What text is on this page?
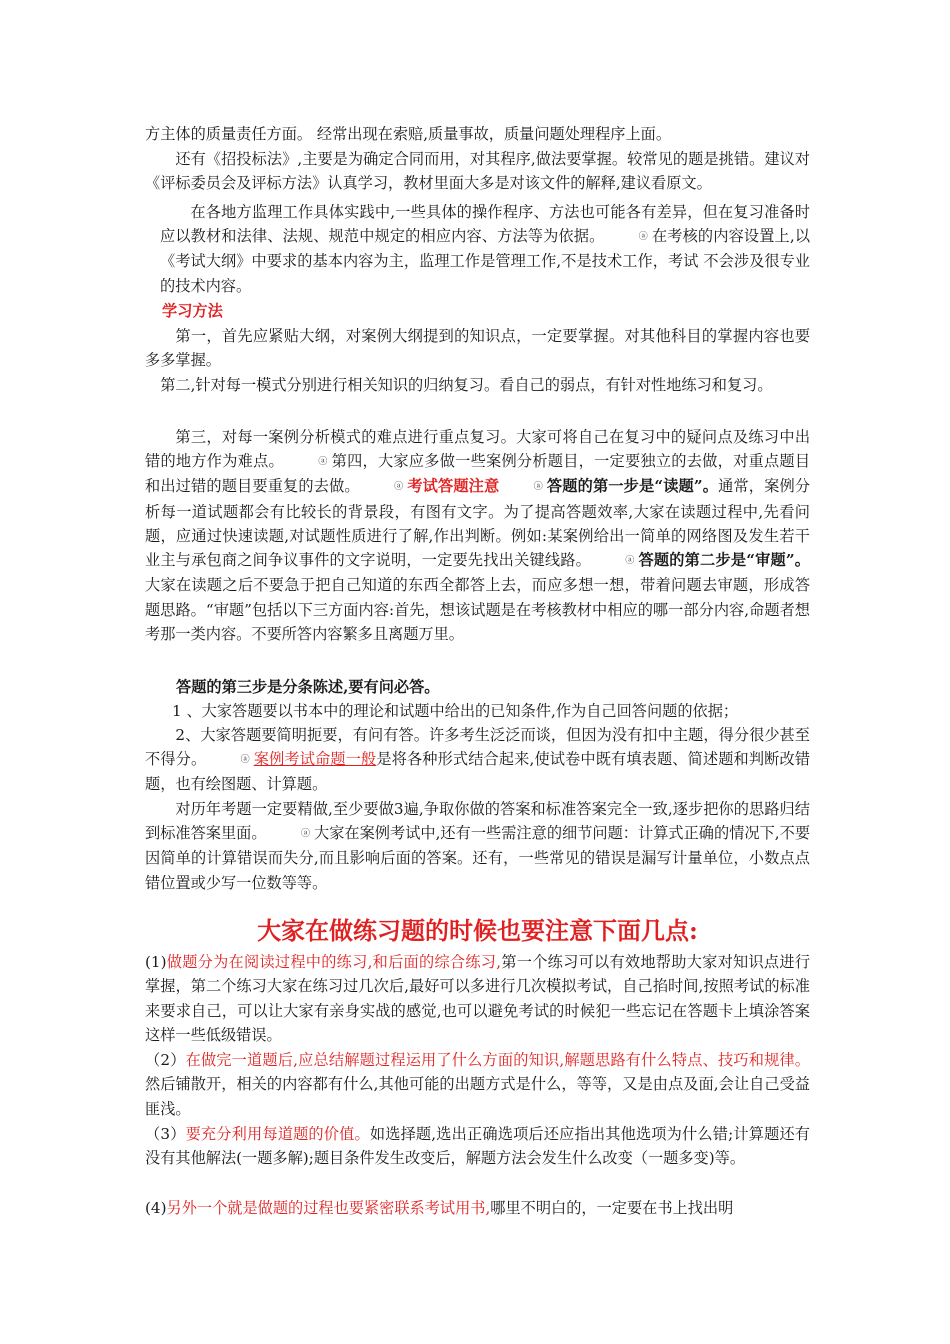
方主体的质量责任方面。 经常出现在索赔,质量事故，质量问题处理程序上面。

还有《招投标法》,主要是为确定合同而用，对其程序,做法要掌握。较常见的题是挑错。建议对《评标委员会及评标方法》认真学习，教材里面大多是对该文件的解释,建议看原文。

在各地方监理工作具体实践中,一些具体的操作程序、方法也可能各有差异，但在复习准备时应以教材和法律、法规、规范中规定的相应内容、方法等为依据。	ⓐ 在考核的内容设置上,以《考试大纲》中要求的基本内容为主，监理工作是管理工作,不是技术工作，考试 不会涉及很专业的技术内容。

学习方法

第一，首先应紧贴大纲，对案例大纲提到的知识点，一定要掌握。对其他科目的掌握内容也要多多掌握。

第二,针对每一模式分别进行相关知识的归纳复习。看自己的弱点，有针对性地练习和复习。

第三，对每一案例分析模式的难点进行重点复习。大家可将自己在复习中的疑问点及练习中出错的地方作为难点。	ⓐ 第四，大家应多做一些案例分析题目，一定要独立的去做，对重点题目和出过错的题目要重复的去做。	ⓐ 考试答题注意	ⓐ 答题的第一步是“读题”。通常，案例分析每一道试题都会有比较长的背景段，有图有文字。为了提高答题效率,大家在读题过程中,先看问题，应通过快速读题,对试题性质进行了解,作出判断。例如:某案例给出一简单的网络图及发生若干业主与承包商之间争议事件的文字说明，一定要先找出关键线路。	ⓐ 答题的第二步是“审题”。大家在读题之后不要急于把自己知道的东西全都答上去，而应多想一想，带着问题去审题，形成答题思路。“审题”包括以下三方面内容:首先，想该试题是在考核教材中相应的哪一部分内容,命题者想考那一类内容。不要所答内容繁多且离题万里。

答题的第三步是分条陈述,要有问必答。

1 、大家答题要以书本中的理论和试题中给出的已知条件,作为自己回答问题的依据；

2、大家答题要简明扼要，有问有答。许多考生泛泛而谈，但因为没有扣中主题，得分很少甚至不得分。	ⓐ 案例考试命题一般是将各种形式结合起来,使试卷中既有填表题、简述题和判断改错题，也有绘图题、计算题。

对历年考题一定要精做,至少要做3遍,争取你做的答案和标准答案完全一致,逐步把你的思路归结到标准答案里面。	ⓐ 大家在案例考试中,还有一些需注意的细节问题：计算式正确的情况下,不要因简单的计算错误而失分,而且影响后面的答案。还有，一些常见的错误是漏写计量单位，小数点点错位置或少写一位数等等。

大家在做练习题的时候也要注意下面几点:

(1)做题分为在阅读过程中的练习,和后面的综合练习,第一个练习可以有效地帮助大家对知识点进行掌握，第二个练习大家在练习过几次后,最好可以多进行几次模拟考试，自己掐时间,按照考试的标准来要求自己，可以让大家有亲身实战的感觉,也可以避免考试的时候犯一些忘记在答题卡上填涂答案这样一些低级错误。

（2）在做完一道题后,应总结解题过程运用了什么方面的知识,解题思路有什么特点、技巧和规律。然后铺散开，相关的内容都有什么,其他可能的出题方式是什么，等等，又是由点及面,会让自己受益匪浅。

（3）要充分利用每道题的价值。如选择题,选出正确选项后还应指出其他选项为什么错;计算题还有没有其他解法(一题多解);题目条件发生改变后，解题方法会发生什么改变（一题多变)等。

(4)另外一个就是做题的过程也要紧密联系考试用书,哪里不明白的，一定要在书上找出明
